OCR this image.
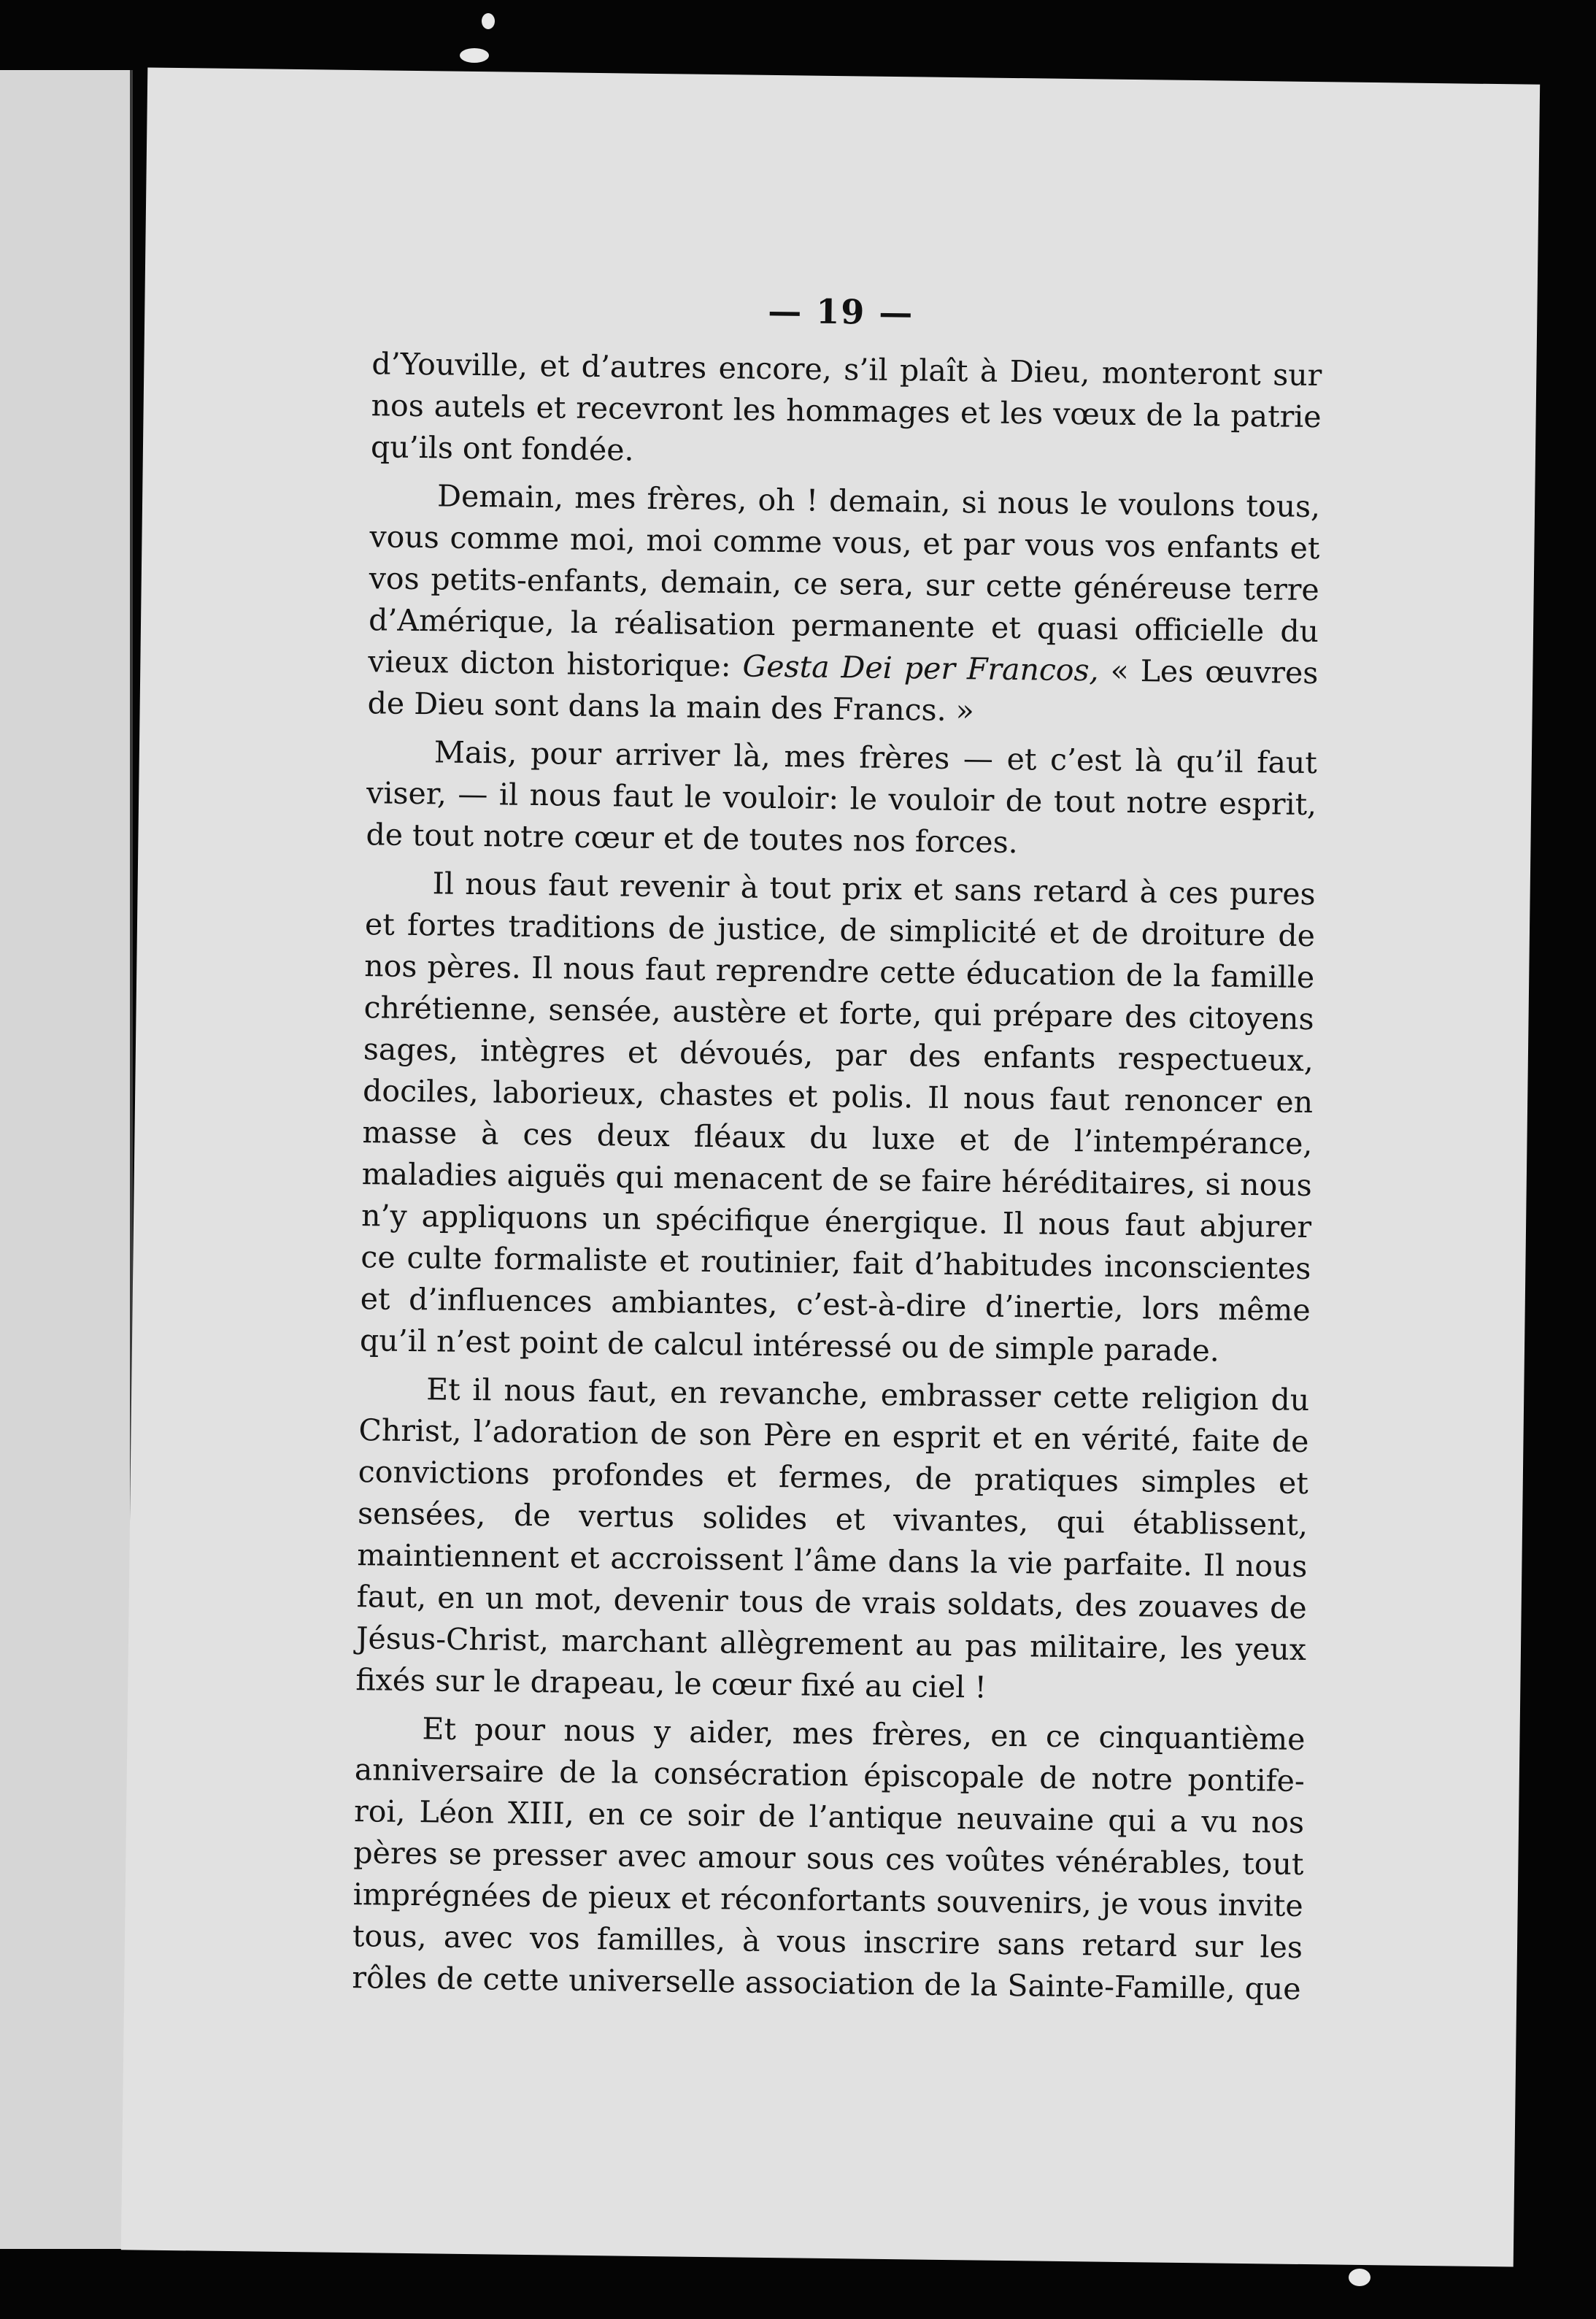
— 19 —

d’Youville, et d’autres encore, s’il plaît à Dieu, monteront sur nos autels et recevront les hommages et les vœux de la patrie qu’ils ont fondée.

Demain, mes frères, oh ! demain, si nous le voulons tous, vous comme moi, moi comme vous, et par vous vos enfants et vos petits-enfants, demain, ce sera, sur cette généreuse terre d’Amérique, la réalisation permanente et quasi officielle du vieux dicton historique: Gesta Dei per Francos, « Les œuvres de Dieu sont dans la main des Francs. »

Mais, pour arriver là, mes frères — et c’est là qu’il faut viser, — il nous faut le vouloir: le vouloir de tout notre esprit, de tout notre cœur et de toutes nos forces.

Il nous faut revenir à tout prix et sans retard à ces pures et fortes traditions de justice, de simplicité et de droiture de nos pères. Il nous faut reprendre cette éducation de la famille chrétienne, sensée, austère et forte, qui prépare des citoyens sages, intègres et dévoués, par des enfants respectueux, dociles, laborieux, chastes et polis. Il nous faut renoncer en masse à ces deux fléaux du luxe et de l’intempérance, maladies aiguës qui menacent de se faire héréditaires, si nous n’y appliquons un spécifique énergique. Il nous faut abjurer ce culte formaliste et routinier, fait d’habitudes inconscientes et d’influences ambiantes, c’est-à-dire d’inertie, lors même qu’il n’est point de calcul intéressé ou de simple parade.

Et il nous faut, en revanche, embrasser cette religion du Christ, l’adoration de son Père en esprit et en vérité, faite de convictions profondes et fermes, de pratiques simples et sensées, de vertus solides et vivantes, qui établissent, maintiennent et accroissent l’âme dans la vie parfaite. Il nous faut, en un mot, devenir tous de vrais soldats, des zouaves de Jésus-Christ, marchant allègrement au pas militaire, les yeux fixés sur le drapeau, le cœur fixé au ciel !

Et pour nous y aider, mes frères, en ce cinquantième anniversaire de la consécration épiscopale de notre pontife-roi, Léon XIII, en ce soir de l’antique neuvaine qui a vu nos pères se presser avec amour sous ces voûtes vénérables, tout imprégnées de pieux et réconfortants souvenirs, je vous invite tous, avec vos familles, à vous inscrire sans retard sur les rôles de cette universelle association de la Sainte-Famille, que
